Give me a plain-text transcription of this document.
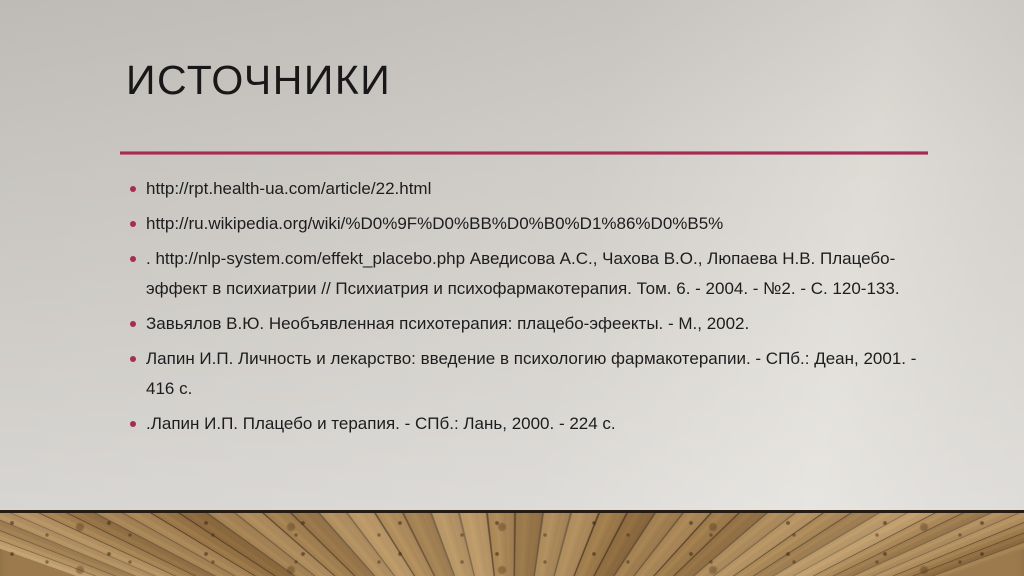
ИСТОЧНИКИ
http://rpt.health-ua.com/article/22.html
http://ru.wikipedia.org/wiki/%D0%9F%D0%BB%D0%B0%D1%86%D0%B5%
. http://nlp-system.com/effekt_placebo.php Аведисова А.С., Чахова В.О., Люпаева Н.В. Плацебо-эффект в психиатрии // Психиатрия и психофармакотерапия. Том. 6. - 2004. - №2. - С. 120-133.
Завьялов В.Ю. Необъявленная психотерапия: плацебо-эфеекты. - М., 2002.
Лапин И.П. Личность и лекарство: введение в психологию фармакотерапии. - СПб.: Деан, 2001. - 416 с.
.Лапин И.П. Плацебо и терапия. - СПб.: Лань, 2000. - 224 с.
